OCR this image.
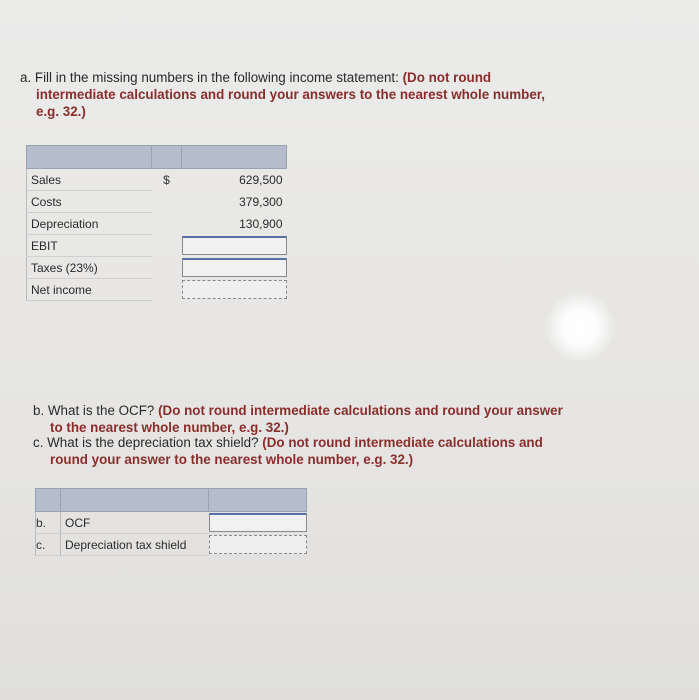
a. Fill in the missing numbers in the following income statement: (Do not round
intermediate calculations and round your answers to the nearest whole number,
e.g. 32.)

Sales	$	629,500
Costs		379,300
Depreciation		130,900
EBIT		

Taxes (23%)		

Net income		
b. What is the OCF? (Do not round intermediate calculations and round your answer
to the nearest whole number, e.g. 32.)
c. What is the depreciation tax shield? (Do not round intermediate calculations and
round your answer to the nearest whole number, e.g. 32.)

b.	OCF	

c.	Depreciation tax shield	
